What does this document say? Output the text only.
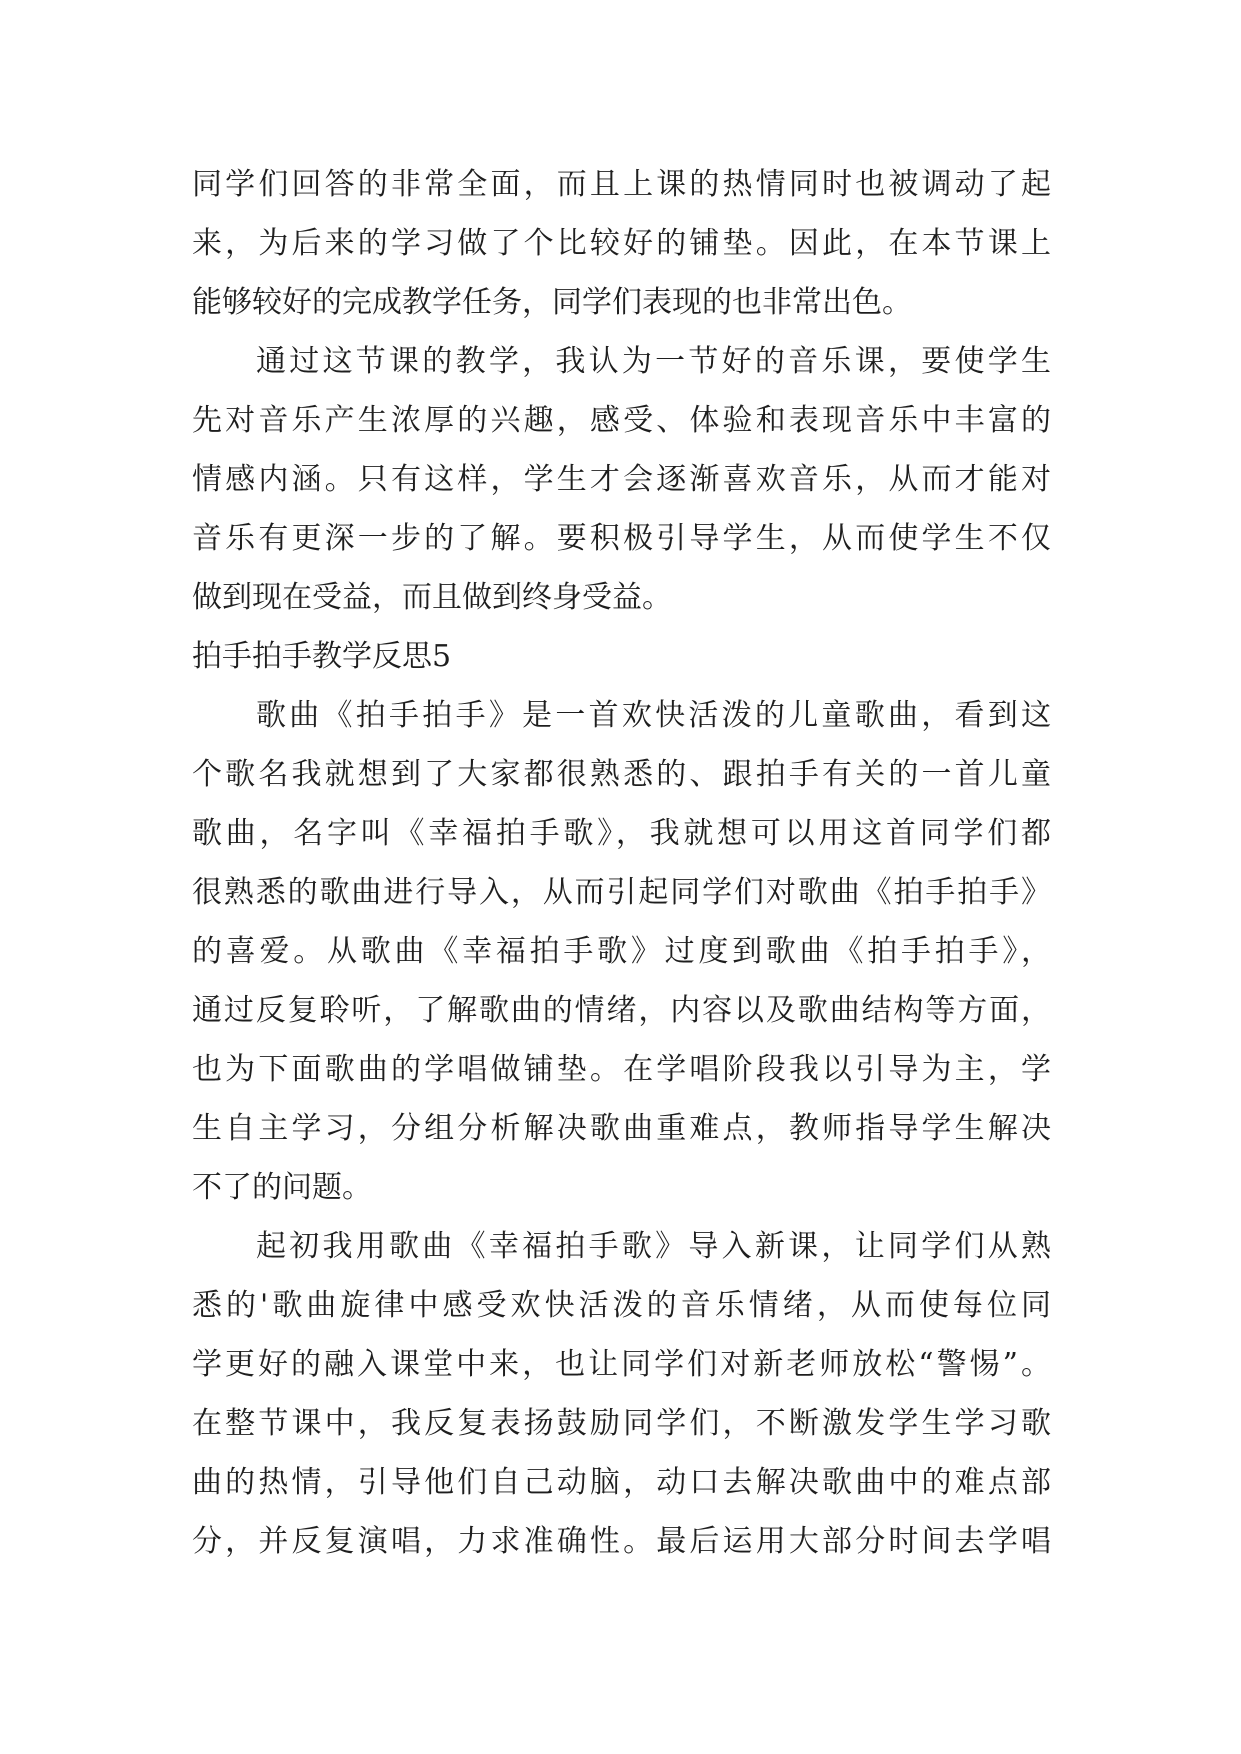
同学们回答的非常全面，而且上课的热情同时也被调动了起
来，为后来的学习做了个比较好的铺垫。因此，在本节课上
能够较好的完成教学任务，同学们表现的也非常出色。
通过这节课的教学，我认为一节好的音乐课，要使学生
先对音乐产生浓厚的兴趣，感受、体验和表现音乐中丰富的
情感内涵。只有这样，学生才会逐渐喜欢音乐，从而才能对
音乐有更深一步的了解。要积极引导学生，从而使学生不仅
做到现在受益，而且做到终身受益。
拍手拍手教学反思5
歌曲《拍手拍手》是一首欢快活泼的儿童歌曲，看到这
个歌名我就想到了大家都很熟悉的、跟拍手有关的一首儿童
歌曲，名字叫《幸福拍手歌》，我就想可以用这首同学们都
很熟悉的歌曲进行导入，从而引起同学们对歌曲《拍手拍手》
的喜爱。从歌曲《幸福拍手歌》过度到歌曲《拍手拍手》，
通过反复聆听，了解歌曲的情绪，内容以及歌曲结构等方面，
也为下面歌曲的学唱做铺垫。在学唱阶段我以引导为主，学
生自主学习，分组分析解决歌曲重难点，教师指导学生解决
不了的问题。
起初我用歌曲《幸福拍手歌》导入新课，让同学们从熟
悉的'歌曲旋律中感受欢快活泼的音乐情绪，从而使每位同
学更好的融入课堂中来，也让同学们对新老师放松“警惕”。
在整节课中，我反复表扬鼓励同学们，不断激发学生学习歌
曲的热情，引导他们自己动脑，动口去解决歌曲中的难点部
分，并反复演唱，力求准确性。最后运用大部分时间去学唱
